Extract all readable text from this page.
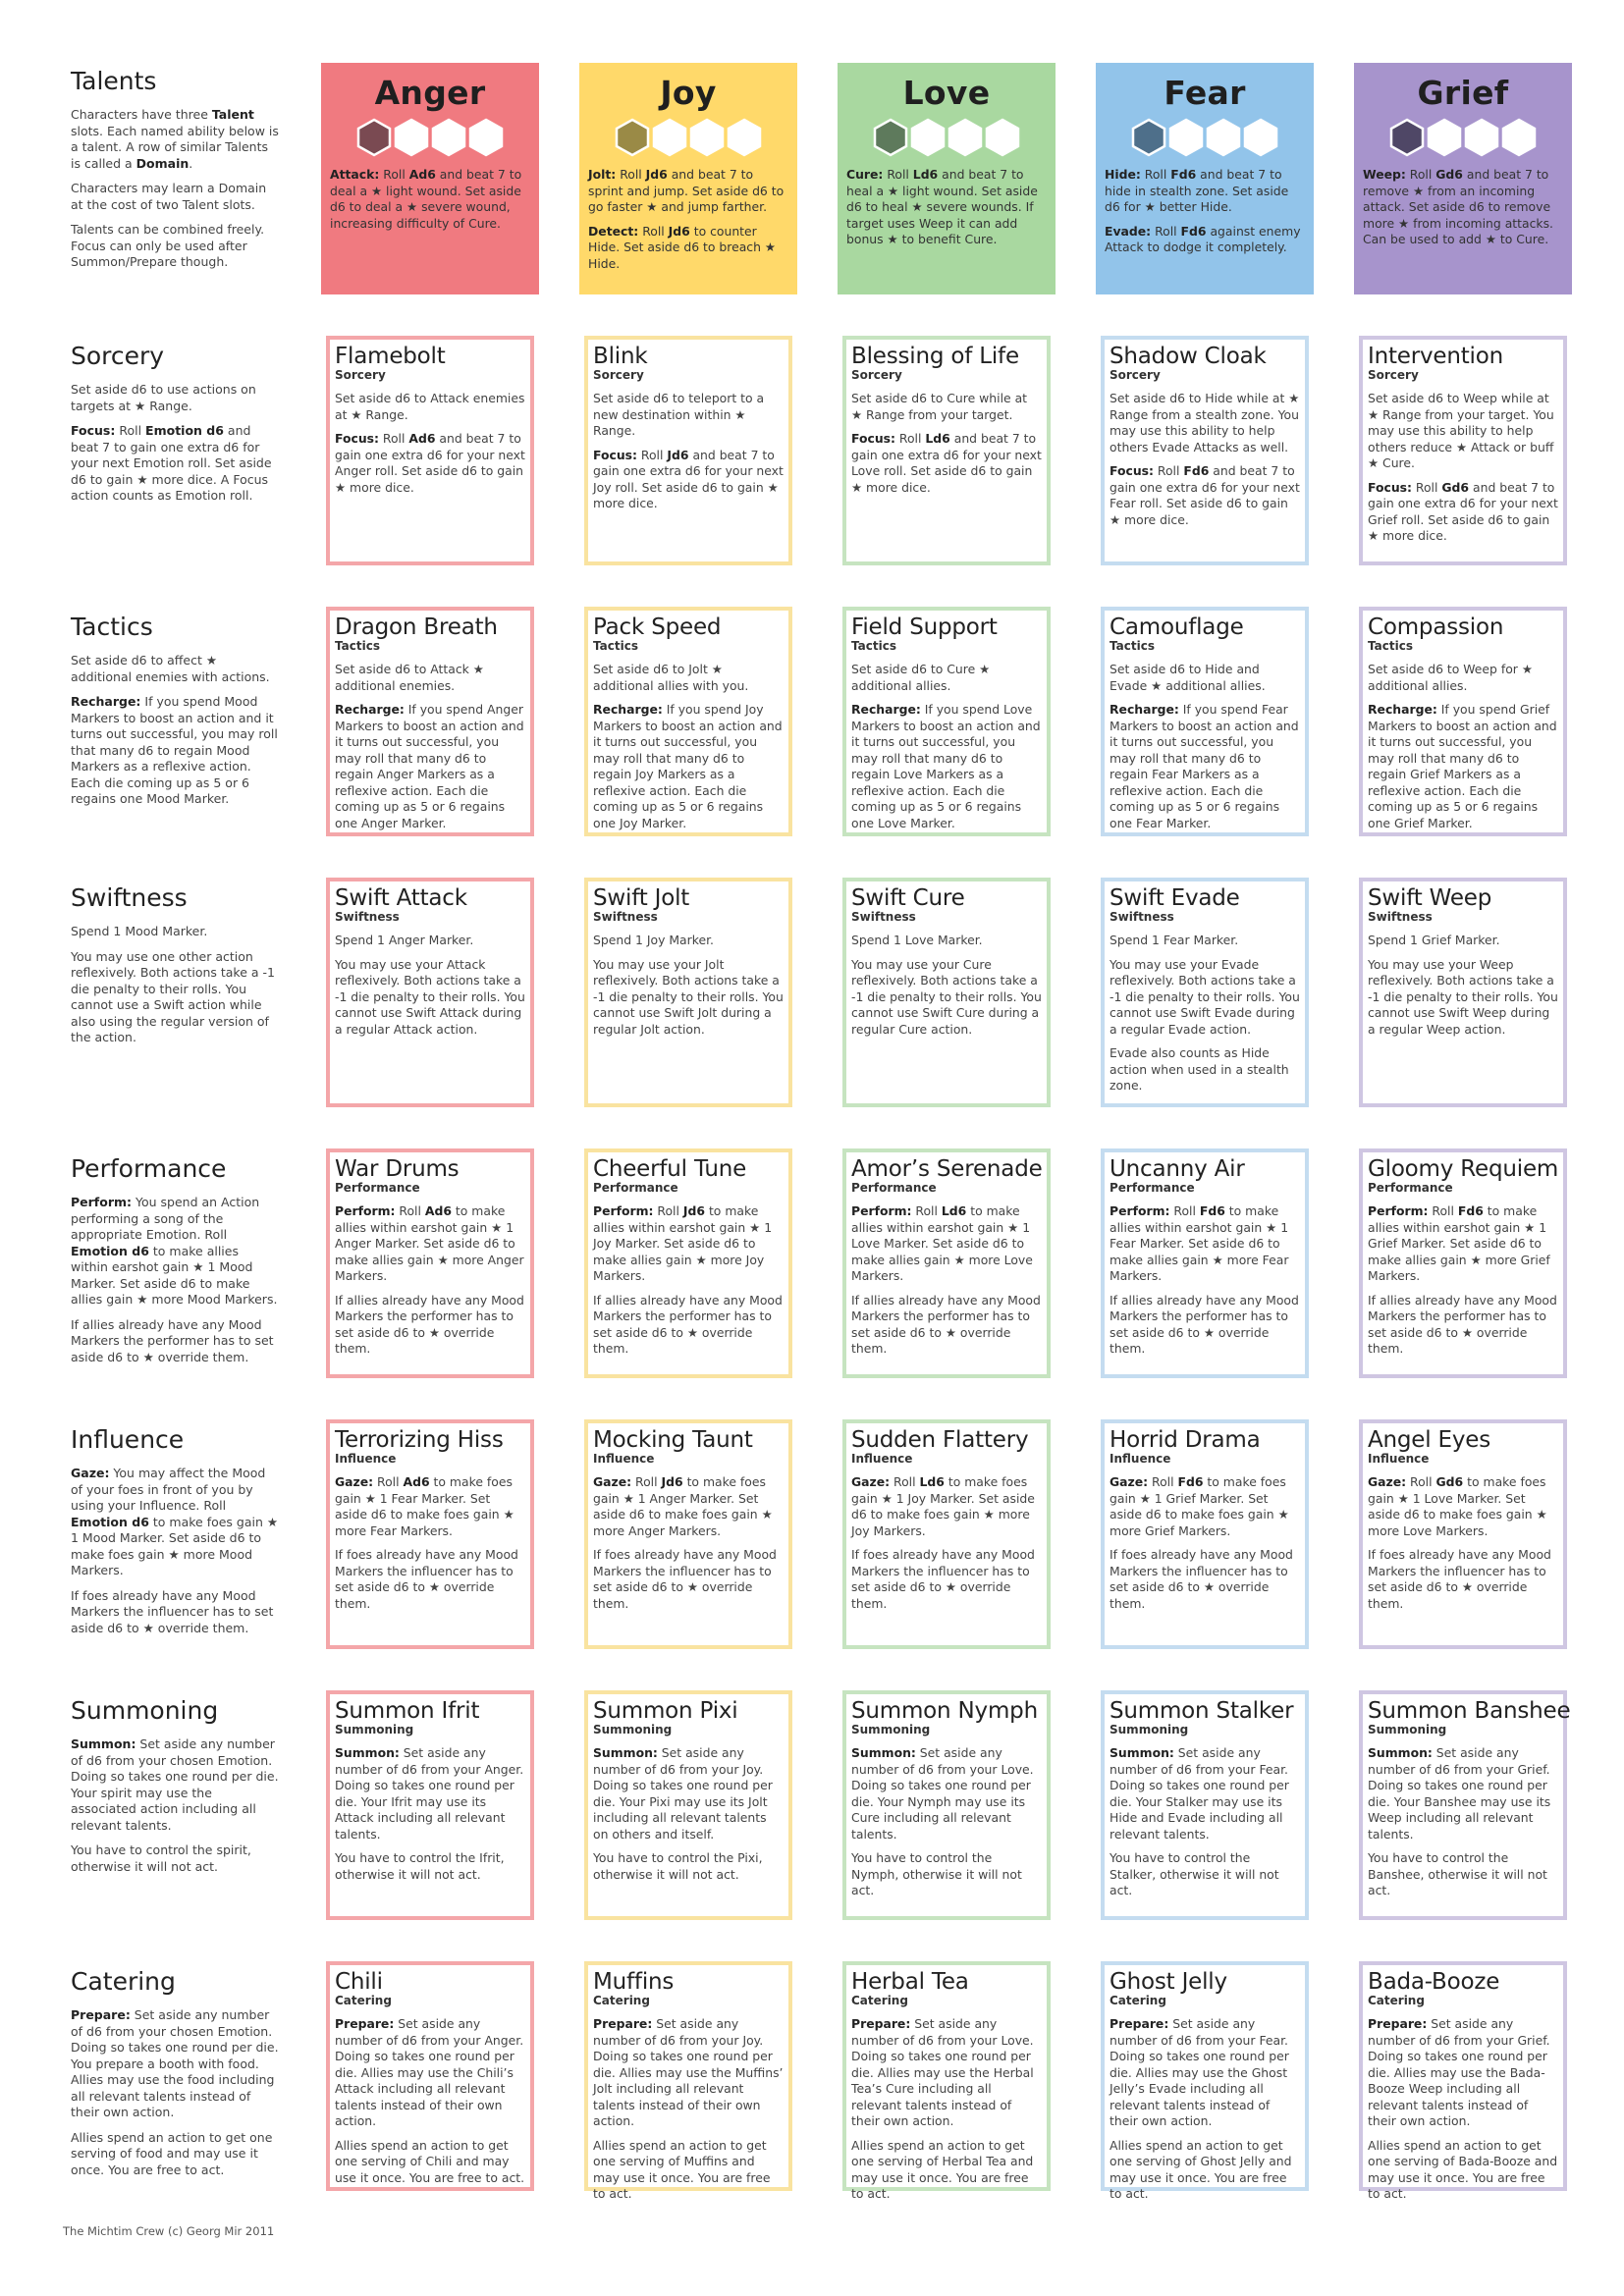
Talents

Characters have three Talent slots. Each named ability below is a talent. A row of similar Talents is called a Domain.

Characters may learn a Domain at the cost of two Talent slots.

Talents can be combined freely. Focus can only be used after Summon/Prepare though.

Anger

Attack: Roll Ad6 and beat 7 to deal a ★ light wound. Set aside d6 to deal a ★ severe wound, increasing difficulty of Cure.

Joy

Jolt: Roll Jd6 and beat 7 to sprint and jump. Set aside d6 to go faster ★ and jump farther.

Detect: Roll Jd6 to counter Hide. Set aside d6 to breach ★ Hide.

Love

Cure: Roll Ld6 and beat 7 to heal a ★ light wound. Set aside d6 to heal ★ severe wounds. If target uses Weep it can add bonus ★ to benefit Cure.

Fear

Hide: Roll Fd6 and beat 7 to hide in stealth zone. Set aside d6 for ★ better Hide.

Evade: Roll Fd6 against enemy Attack to dodge it completely.

Grief

Weep: Roll Gd6 and beat 7 to remove ★ from an incoming attack. Set aside d6 to remove more ★ from incoming attacks. Can be used to add ★ to Cure.

The Michtim Crew (c) Georg Mir 2011
Sorcery

Set aside d6 to use actions on targets at ★ Range.

Focus: Roll Emotion d6 and beat 7 to gain one extra d6 for your next Emotion roll. Set aside d6 to gain ★ more dice. A Focus action counts as Emotion roll.

Flamebolt
Sorcery

Set aside d6 to Attack enemies at ★ Range.

Focus: Roll Ad6 and beat 7 to gain one extra d6 for your next Anger roll. Set aside d6 to gain ★ more dice.

Blink
Sorcery

Set aside d6 to teleport to a new destination within ★ Range.

Focus: Roll Jd6 and beat 7 to gain one extra d6 for your next Joy roll. Set aside d6 to gain ★ more dice.

Blessing of Life
Sorcery

Set aside d6 to Cure while at ★ Range from your target.

Focus: Roll Ld6 and beat 7 to gain one extra d6 for your next Love roll. Set aside d6 to gain ★ more dice.

Shadow Cloak
Sorcery

Set aside d6 to Hide while at ★ Range from a stealth zone. You may use this ability to help others Evade Attacks as well.

Focus: Roll Fd6 and beat 7 to gain one extra d6 for your next Fear roll. Set aside d6 to gain ★ more dice.

Intervention
Sorcery

Set aside d6 to Weep while at ★ Range from your target. You may use this ability to help others reduce ★ Attack or buff ★ Cure.

Focus: Roll Gd6 and beat 7 to gain one extra d6 for your next Grief roll. Set aside d6 to gain ★ more dice.

Tactics

Set aside d6 to affect ★ additional enemies with actions.

Recharge: If you spend Mood Markers to boost an action and it turns out successful, you may roll that many d6 to regain Mood Markers as a reflexive action. Each die coming up as 5 or 6 regains one Mood Marker.

Dragon Breath
Tactics

Set aside d6 to Attack ★ additional enemies.

Recharge: If you spend Anger Markers to boost an action and it turns out successful, you may roll that many d6 to regain Anger Markers as a reflexive action. Each die coming up as 5 or 6 regains one Anger Marker.

Pack Speed
Tactics

Set aside d6 to Jolt ★ additional allies with you.

Recharge: If you spend Joy Markers to boost an action and it turns out successful, you may roll that many d6 to regain Joy Markers as a reflexive action. Each die coming up as 5 or 6 regains one Joy Marker.

Field Support
Tactics

Set aside d6 to Cure ★ additional allies.

Recharge: If you spend Love Markers to boost an action and it turns out successful, you may roll that many d6 to regain Love Markers as a reflexive action. Each die coming up as 5 or 6 regains one Love Marker.

Camouflage
Tactics

Set aside d6 to Hide and Evade ★ additional allies.

Recharge: If you spend Fear Markers to boost an action and it turns out successful, you may roll that many d6 to regain Fear Markers as a reflexive action. Each die coming up as 5 or 6 regains one Fear Marker.

Compassion
Tactics

Set aside d6 to Weep for ★ additional allies.

Recharge: If you spend Grief Markers to boost an action and it turns out successful, you may roll that many d6 to regain Grief Markers as a reflexive action. Each die coming up as 5 or 6 regains one Grief Marker.

Swiftness

Spend 1 Mood Marker.

You may use one other action reflexively. Both actions take a -1 die penalty to their rolls. You cannot use a Swift action while also using the regular version of the action.

Swift Attack
Swiftness

Spend 1 Anger Marker.

You may use your Attack reflexively. Both actions take a -1 die penalty to their rolls. You cannot use Swift Attack during a regular Attack action.

Swift Jolt
Swiftness

Spend 1 Joy Marker.

You may use your Jolt reflexively. Both actions take a -1 die penalty to their rolls. You cannot use Swift Jolt during a regular Jolt action.

Swift Cure
Swiftness

Spend 1 Love Marker.

You may use your Cure reflexively. Both actions take a -1 die penalty to their rolls. You cannot use Swift Cure during a regular Cure action.

Swift Evade
Swiftness

Spend 1 Fear Marker.

You may use your Evade reflexively. Both actions take a -1 die penalty to their rolls. You cannot use Swift Evade during a regular Evade action.

Evade also counts as Hide action when used in a stealth zone.

Swift Weep
Swiftness

Spend 1 Grief Marker.

You may use your Weep reflexively. Both actions take a -1 die penalty to their rolls. You cannot use Swift Weep during a regular Weep action.

Performance

Perform: You spend an Action performing a song of the appropriate Emotion. Roll Emotion d6 to make allies within earshot gain ★ 1 Mood Marker. Set aside d6 to make allies gain ★ more Mood Markers.

If allies already have any Mood Markers the performer has to set aside d6 to ★ override them.

War Drums
Performance

Perform: Roll Ad6 to make allies within earshot gain ★ 1 Anger Marker. Set aside d6 to make allies gain ★ more Anger Markers.

If allies already have any Mood Markers the performer has to set aside d6 to ★ override them.

Cheerful Tune
Performance

Perform: Roll Jd6 to make allies within earshot gain ★ 1 Joy Marker. Set aside d6 to make allies gain ★ more Joy Markers.

If allies already have any Mood Markers the performer has to set aside d6 to ★ override them.

Amor’s Serenade
Performance

Perform: Roll Ld6 to make allies within earshot gain ★ 1 Love Marker. Set aside d6 to make allies gain ★ more Love Markers.

If allies already have any Mood Markers the performer has to set aside d6 to ★ override them.

Uncanny Air
Performance

Perform: Roll Fd6 to make allies within earshot gain ★ 1 Fear Marker. Set aside d6 to make allies gain ★ more Fear Markers.

If allies already have any Mood Markers the performer has to set aside d6 to ★ override them.

Gloomy Requiem
Performance

Perform: Roll Fd6 to make allies within earshot gain ★ 1 Grief Marker. Set aside d6 to make allies gain ★ more Grief Markers.

If allies already have any Mood Markers the performer has to set aside d6 to ★ override them.

Influence

Gaze: You may affect the Mood of your foes in front of you by using your Influence. Roll Emotion d6 to make foes gain ★ 1 Mood Marker. Set aside d6 to make foes gain ★ more Mood Markers.

If foes already have any Mood Markers the influencer has to set aside d6 to ★ override them.

Terrorizing Hiss
Influence

Gaze: Roll Ad6 to make foes gain ★ 1 Fear Marker. Set aside d6 to make foes gain ★ more Fear Markers.

If foes already have any Mood Markers the influencer has to set aside d6 to ★ override them.

Mocking Taunt
Influence

Gaze: Roll Jd6 to make foes gain ★ 1 Anger Marker. Set aside d6 to make foes gain ★ more Anger Markers.

If foes already have any Mood Markers the influencer has to set aside d6 to ★ override them.

Sudden Flattery
Influence

Gaze: Roll Ld6 to make foes gain ★ 1 Joy Marker. Set aside d6 to make foes gain ★ more Joy Markers.

If foes already have any Mood Markers the influencer has to set aside d6 to ★ override them.

Horrid Drama
Influence

Gaze: Roll Fd6 to make foes gain ★ 1 Grief Marker. Set aside d6 to make foes gain ★ more Grief Markers.

If foes already have any Mood Markers the influencer has to set aside d6 to ★ override them.

Angel Eyes
Influence

Gaze: Roll Gd6 to make foes gain ★ 1 Love Marker. Set aside d6 to make foes gain ★ more Love Markers.

If foes already have any Mood Markers the influencer has to set aside d6 to ★ override them.

Summoning

Summon: Set aside any number of d6 from your chosen Emotion. Doing so takes one round per die. Your spirit may use the associated action including all relevant talents.

You have to control the spirit, otherwise it will not act.

Summon Ifrit
Summoning

Summon: Set aside any number of d6 from your Anger. Doing so takes one round per die. Your Ifrit may use its Attack including all relevant talents.

You have to control the Ifrit, otherwise it will not act.

Summon Pixi
Summoning

Summon: Set aside any number of d6 from your Joy. Doing so takes one round per die. Your Pixi may use its Jolt including all relevant talents on others and itself.

You have to control the Pixi, otherwise it will not act.

Summon Nymph
Summoning

Summon: Set aside any number of d6 from your Love. Doing so takes one round per die. Your Nymph may use its Cure including all relevant talents.

You have to control the Nymph, otherwise it will not act.

Summon Stalker
Summoning

Summon: Set aside any number of d6 from your Fear. Doing so takes one round per die. Your Stalker may use its Hide and Evade including all relevant talents.

You have to control the Stalker, otherwise it will not act.

Summon Banshee
Summoning

Summon: Set aside any number of d6 from your Grief. Doing so takes one round per die. Your Banshee may use its Weep including all relevant talents.

You have to control the Banshee, otherwise it will not act.

Catering

Prepare: Set aside any number of d6 from your chosen Emotion. Doing so takes one round per die. You prepare a booth with food. Allies may use the food including all relevant talents instead of their own action.

Allies spend an action to get one serving of food and may use it once. You are free to act.

Chili
Catering

Prepare: Set aside any number of d6 from your Anger. Doing so takes one round per die. Allies may use the Chili’s Attack including all relevant talents instead of their own action.

Allies spend an action to get one serving of Chili and may use it once. You are free to act.

Muffins
Catering

Prepare: Set aside any number of d6 from your Joy. Doing so takes one round per die. Allies may use the Muffins’ Jolt including all relevant talents instead of their own action.

Allies spend an action to get one serving of Muffins and may use it once. You are free to act.

Herbal Tea
Catering

Prepare: Set aside any number of d6 from your Love. Doing so takes one round per die. Allies may use the Herbal Tea’s Cure including all relevant talents instead of their own action.

Allies spend an action to get one serving of Herbal Tea and may use it once. You are free to act.

Ghost Jelly
Catering

Prepare: Set aside any number of d6 from your Fear. Doing so takes one round per die. Allies may use the Ghost Jelly’s Evade including all relevant talents instead of their own action.

Allies spend an action to get one serving of Ghost Jelly and may use it once. You are free to act.

Bada-Booze
Catering

Prepare: Set aside any number of d6 from your Grief. Doing so takes one round per die. Allies may use the Bada-Booze Weep including all relevant talents instead of their own action.

Allies spend an action to get one serving of Bada-Booze and may use it once. You are free to act.
